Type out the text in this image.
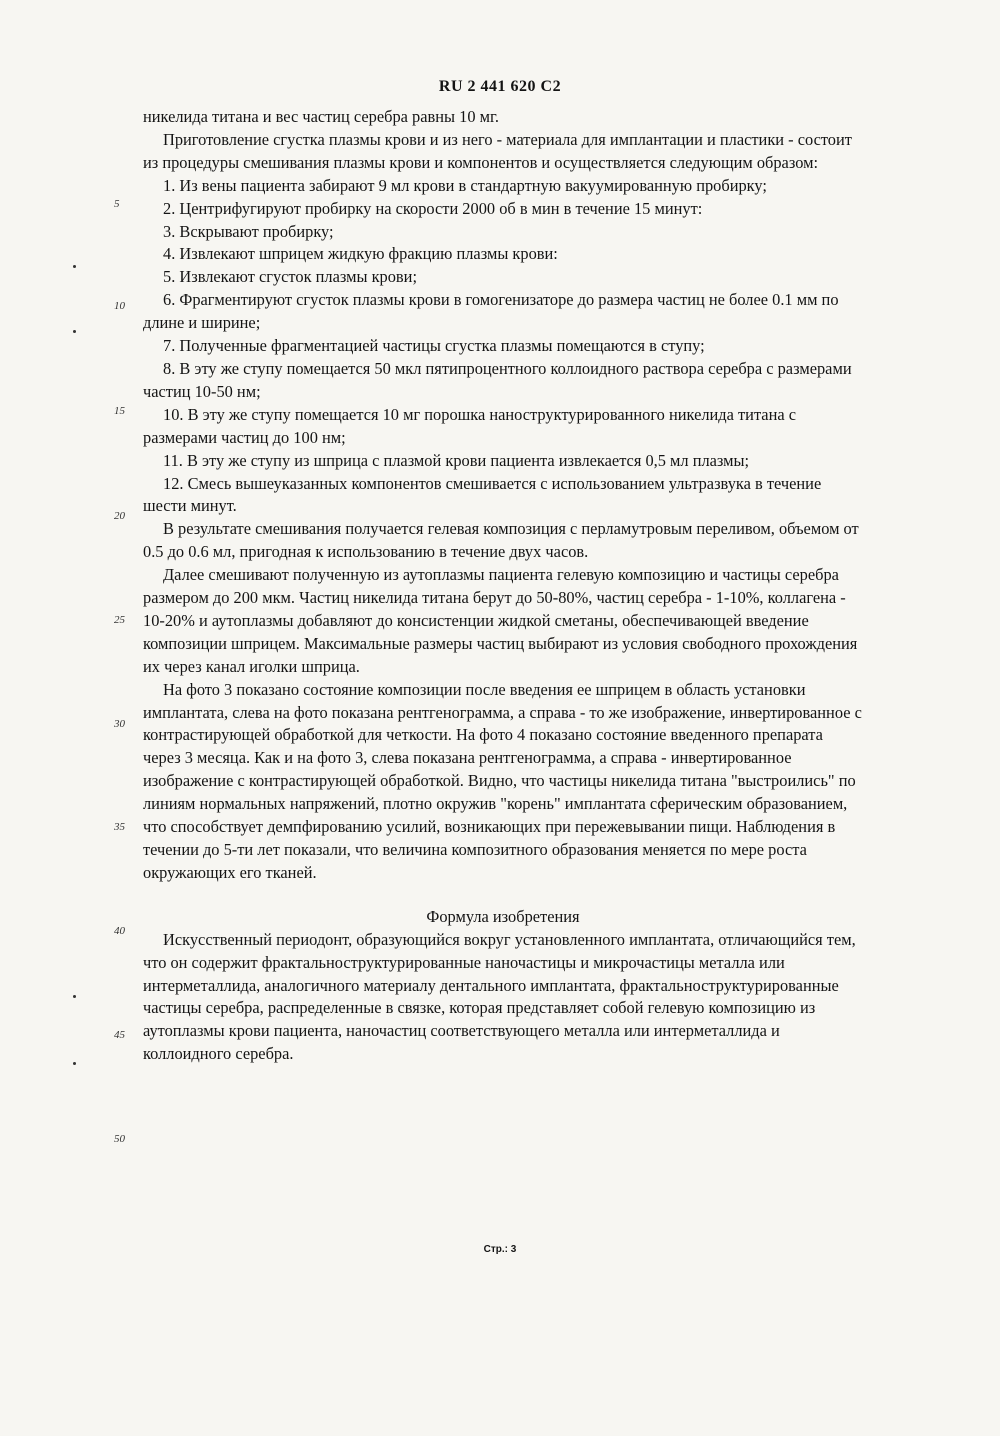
RU 2 441 620 C2
5
10
15
20
25
30
35
40
45
50

никелида титана и вес частиц серебра равны 10 мг.

Приготовление сгустка плазмы крови и из него - материала для имплантации и пластики - состоит из процедуры смешивания плазмы крови и компонентов и осуществляется следующим образом:

1. Из вены пациента забирают 9 мл крови в стандартную вакуумированную пробирку;

2. Центрифугируют пробирку на скорости 2000 об в мин в течение 15 минут:

3. Вскрывают пробирку;

4. Извлекают шприцем жидкую фракцию плазмы крови:

5. Извлекают сгусток плазмы крови;

6. Фрагментируют сгусток плазмы крови в гомогенизаторе до размера частиц не более 0.1 мм по длине и ширине;

7. Полученные фрагментацией частицы сгустка плазмы помещаются в ступу;

8. В эту же ступу помещается 50 мкл пятипроцентного коллоидного раствора серебра с размерами частиц 10-50 нм;

10. В эту же ступу помещается 10 мг порошка наноструктурированного никелида титана с размерами частиц до 100 нм;

11. В эту же ступу из шприца с плазмой крови пациента извлекается 0,5 мл плазмы;

12. Смесь вышеуказанных компонентов смешивается с использованием ультразвука в течение шести минут.

В результате смешивания получается гелевая композиция с перламутровым переливом, объемом от 0.5 до 0.6 мл, пригодная к использованию в течение двух часов.

Далее смешивают полученную из аутоплазмы пациента гелевую композицию и частицы серебра размером до 200 мкм. Частиц никелида титана берут до 50-80%, частиц серебра - 1-10%, коллагена - 10-20% и аутоплазмы добавляют до консистенции жидкой сметаны, обеспечивающей введение композиции шприцем. Максимальные размеры частиц выбирают из условия свободного прохождения их через канал иголки шприца.

На фото 3 показано состояние композиции после введения ее шприцем в область установки имплантата, слева на фото показана рентгенограмма, а справа - то же изображение, инвертированное с контрастирующей обработкой для четкости. На фото 4 показано состояние введенного препарата через 3 месяца. Как и на фото 3, слева показана рентгенограмма, а справа - инвертированное изображение с контрастирующей обработкой. Видно, что частицы никелида титана "выстроились" по линиям нормальных напряжений, плотно окружив "корень" имплантата сферическим образованием, что способствует демпфированию усилий, возникающих при пережевывании пищи. Наблюдения в течении до 5-ти лет показали, что величина композитного образования меняется по мере роста окружающих его тканей.

Формула изобретения

Искусственный периодонт, образующийся вокруг установленного имплантата, отличающийся тем, что он содержит фрактальноструктурированные наночастицы и микрочастицы металла или интерметаллида, аналогичного материалу дентального имплантата, фрактальноструктурированные частицы серебра, распределенные в связке, которая представляет собой гелевую композицию из аутоплазмы крови пациента, наночастиц соответствующего металла или интерметаллида и коллоидного серебра.

Стр.: 3
